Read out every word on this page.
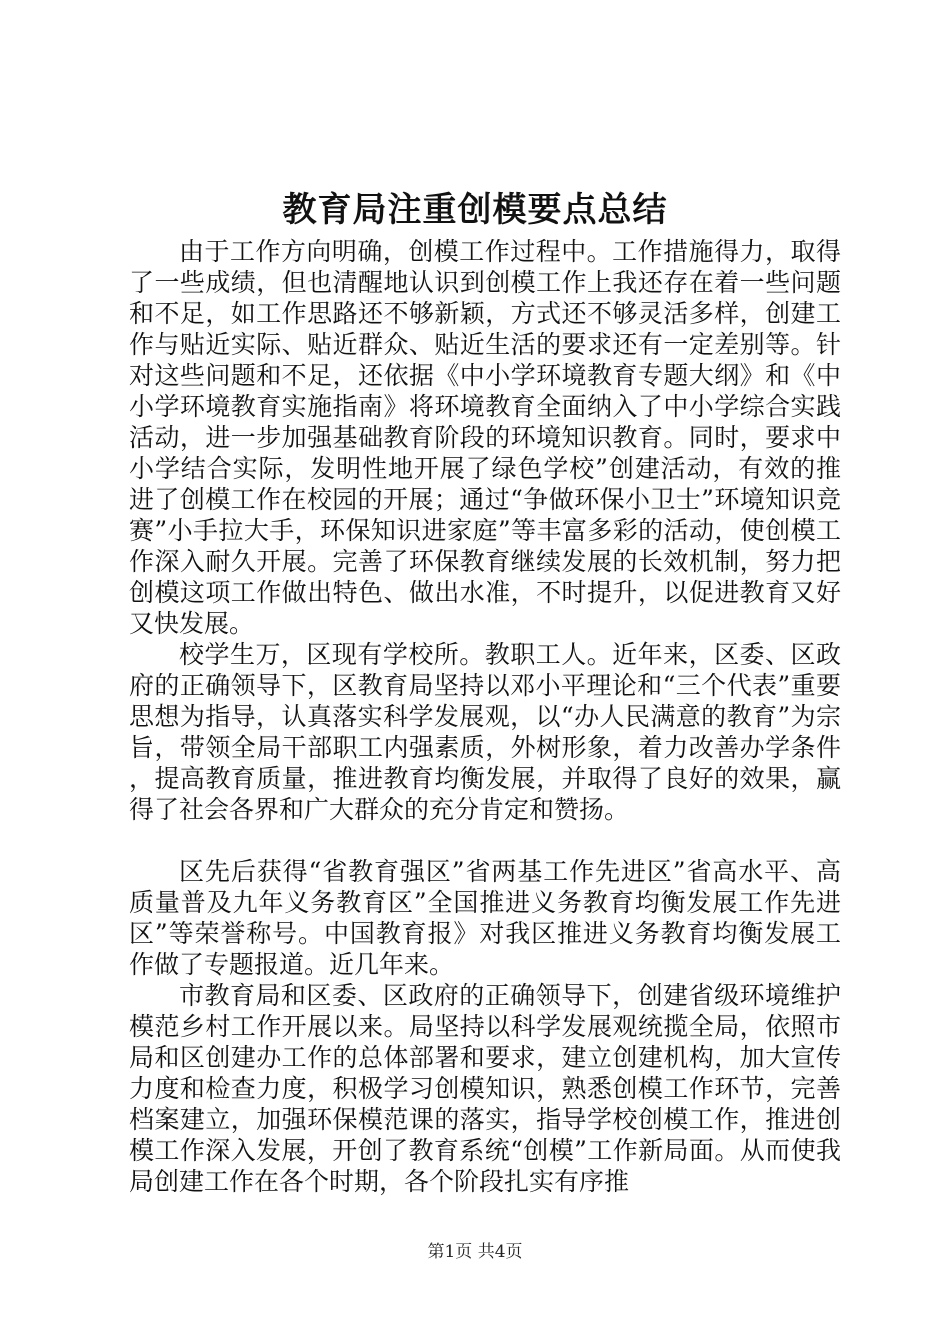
教育局注重创模要点总结

由于工作方向明确，创模工作过程中。工作措施得力，取得了一些成绩，但也清醒地认识到创模工作上我还存在着一些问题和不足，如工作思路还不够新颖，方式还不够灵活多样，创建工作与贴近实际、贴近群众、贴近生活的要求还有一定差别等。针对这些问题和不足，还依据《中小学环境教育专题大纲》和《中小学环境教育实施指南》将环境教育全面纳入了中小学综合实践活动，进一步加强基础教育阶段的环境知识教育。同时，要求中小学结合实际，发明性地开展了绿色学校”创建活动，有效的推进了创模工作在校园的开展；通过“争做环保小卫士”环境知识竞赛”小手拉大手，环保知识进家庭”等丰富多彩的活动，使创模工作深入耐久开展。完善了环保教育继续发展的长效机制，努力把创模这项工作做出特色、做出水准，不时提升，以促进教育又好又快发展。

校学生万，区现有学校所。教职工人。近年来，区委、区政府的正确领导下，区教育局坚持以邓小平理论和“三个代表”重要思想为指导，认真落实科学发展观，以“办人民满意的教育”为宗旨，带领全局干部职工内强素质，外树形象，着力改善办学条件，提高教育质量，推进教育均衡发展，并取得了良好的效果，赢得了社会各界和广大群众的充分肯定和赞扬。

区先后获得“省教育强区”省两基工作先进区”省高水平、高质量普及九年义务教育区”全国推进义务教育均衡发展工作先进区”等荣誉称号。中国教育报》对我区推进义务教育均衡发展工作做了专题报道。近几年来。

市教育局和区委、区政府的正确领导下，创建省级环境维护模范乡村工作开展以来。局坚持以科学发展观统揽全局，依照市局和区创建办工作的总体部署和要求，建立创建机构，加大宣传力度和检查力度，积极学习创模知识，熟悉创模工作环节，完善档案建立，加强环保模范课的落实，指导学校创模工作，推进创模工作深入发展，开创了教育系统“创模”工作新局面。从而使我局创建工作在各个时期，各个阶段扎实有序推

第1页 共4页
